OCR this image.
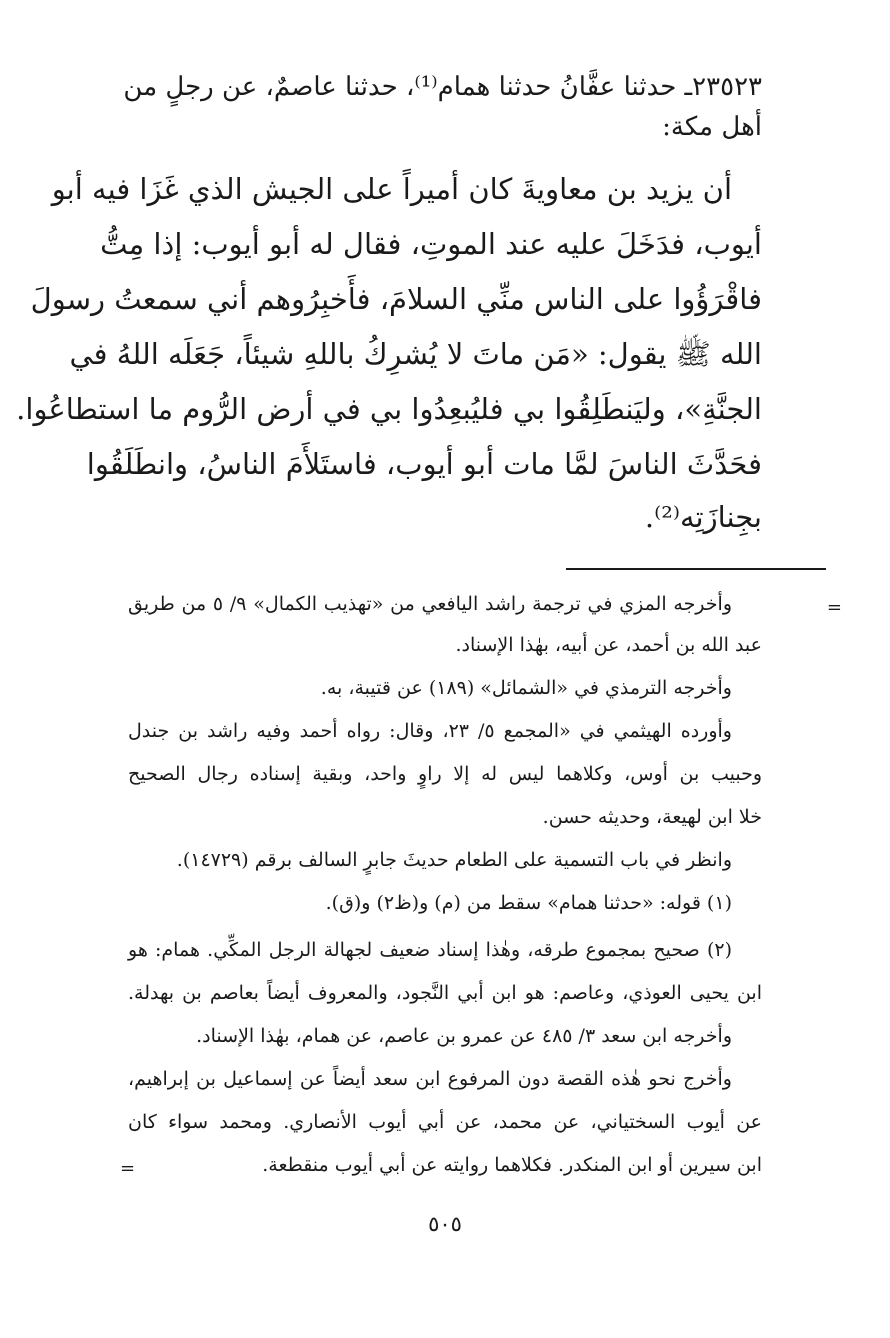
٢٣٥٢٣ـ حدثنا عفَّانُ حدثنا همام⁽¹⁾، حدثنا عاصمٌ، عن رجلٍ من
أهل مكة:
أن يزيد بن معاويةَ كان أميراً على الجيش الذي غَزَا فيه أبو
أيوب، فدَخَلَ عليه عند الموتِ، فقال له أبو أيوب: إذا مِتُّ
فاقْرَؤُوا على الناس منِّي السلامَ، فأَخبِرُوهم أني سمعتُ رسولَ
الله ﷺ يقول: «مَن ماتَ لا يُشرِكُ باللهِ شيئاً، جَعَلَه اللهُ في
الجنَّةِ»، وليَنطَلِقُوا بي فليُبعِدُوا بي في أرض الرُّوم ما استطاعُوا.
فحَدَّثَ الناسَ لمَّا مات أبو أيوب، فاستَلأَمَ الناسُ، وانطَلَقُوا
بجِنازَتِه⁽²⁾.
=
وأخرجه المزي في ترجمة راشد اليافعي من «تهذيب الكمال» ٩/ ٥ من طريق
عبد الله بن أحمد، عن أبيه، بهٰذا الإسناد.
وأخرجه الترمذي في «الشمائل» (١٨٩) عن قتيبة، به.
وأورده الهيثمي في «المجمع ٥/ ٢٣، وقال: رواه أحمد وفيه راشد بن جندل
وحبيب بن أوس، وكلاهما ليس له إلا راوٍ واحد، وبقية إسناده رجال الصحيح
خلا ابن لهيعة، وحديثه حسن.
وانظر في باب التسمية على الطعام حديثَ جابرٍ السالف برقم (١٤٧٢٩).
(١) قوله: «حدثنا همام» سقط من (م) و(ظ٢) و(ق).
(٢) صحيح بمجموع طرقه، وهٰذا إسناد ضعيف لجهالة الرجل المكِّي. همام: هو
ابن يحيى العوذي، وعاصم: هو ابن أبي النَّجود، والمعروف أيضاً بعاصم بن بهدلة.
وأخرجه ابن سعد ٣/ ٤٨٥ عن عمرو بن عاصم، عن همام، بهٰذا الإسناد.
وأخرج نحو هٰذه القصة دون المرفوع ابن سعد أيضاً عن إسماعيل بن إبراهيم،
عن أيوب السختياني، عن محمد، عن أبي أيوب الأنصاري. ومحمد سواء كان
ابن سيرين أو ابن المنكدر. فكلاهما روايته عن أبي أيوب منقطعة.
=
٥٠٥
